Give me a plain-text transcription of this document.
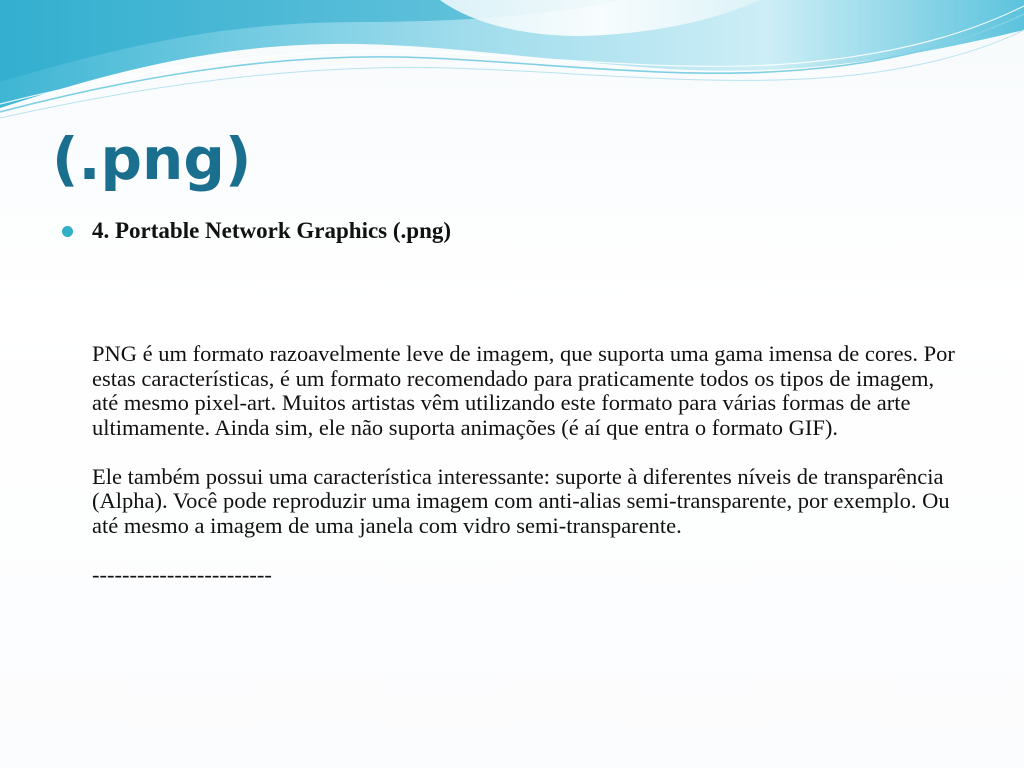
(.png)
4. Portable Network Graphics (.png)

PNG é um formato razoavelmente leve de imagem, que suporta uma gama imensa de cores. Por estas características, é um formato recomendado para praticamente todos os tipos de imagem, até mesmo pixel-art. Muitos artistas vêm utilizando este formato para várias formas de arte ultimamente. Ainda sim, ele não suporta animações (é aí que entra o formato GIF).

Ele também possui uma característica interessante: suporte à diferentes níveis de transparência (Alpha). Você pode reproduzir uma imagem com anti-alias semi-transparente, por exemplo. Ou até mesmo a imagem de uma janela com vidro semi-transparente.

------------------------
